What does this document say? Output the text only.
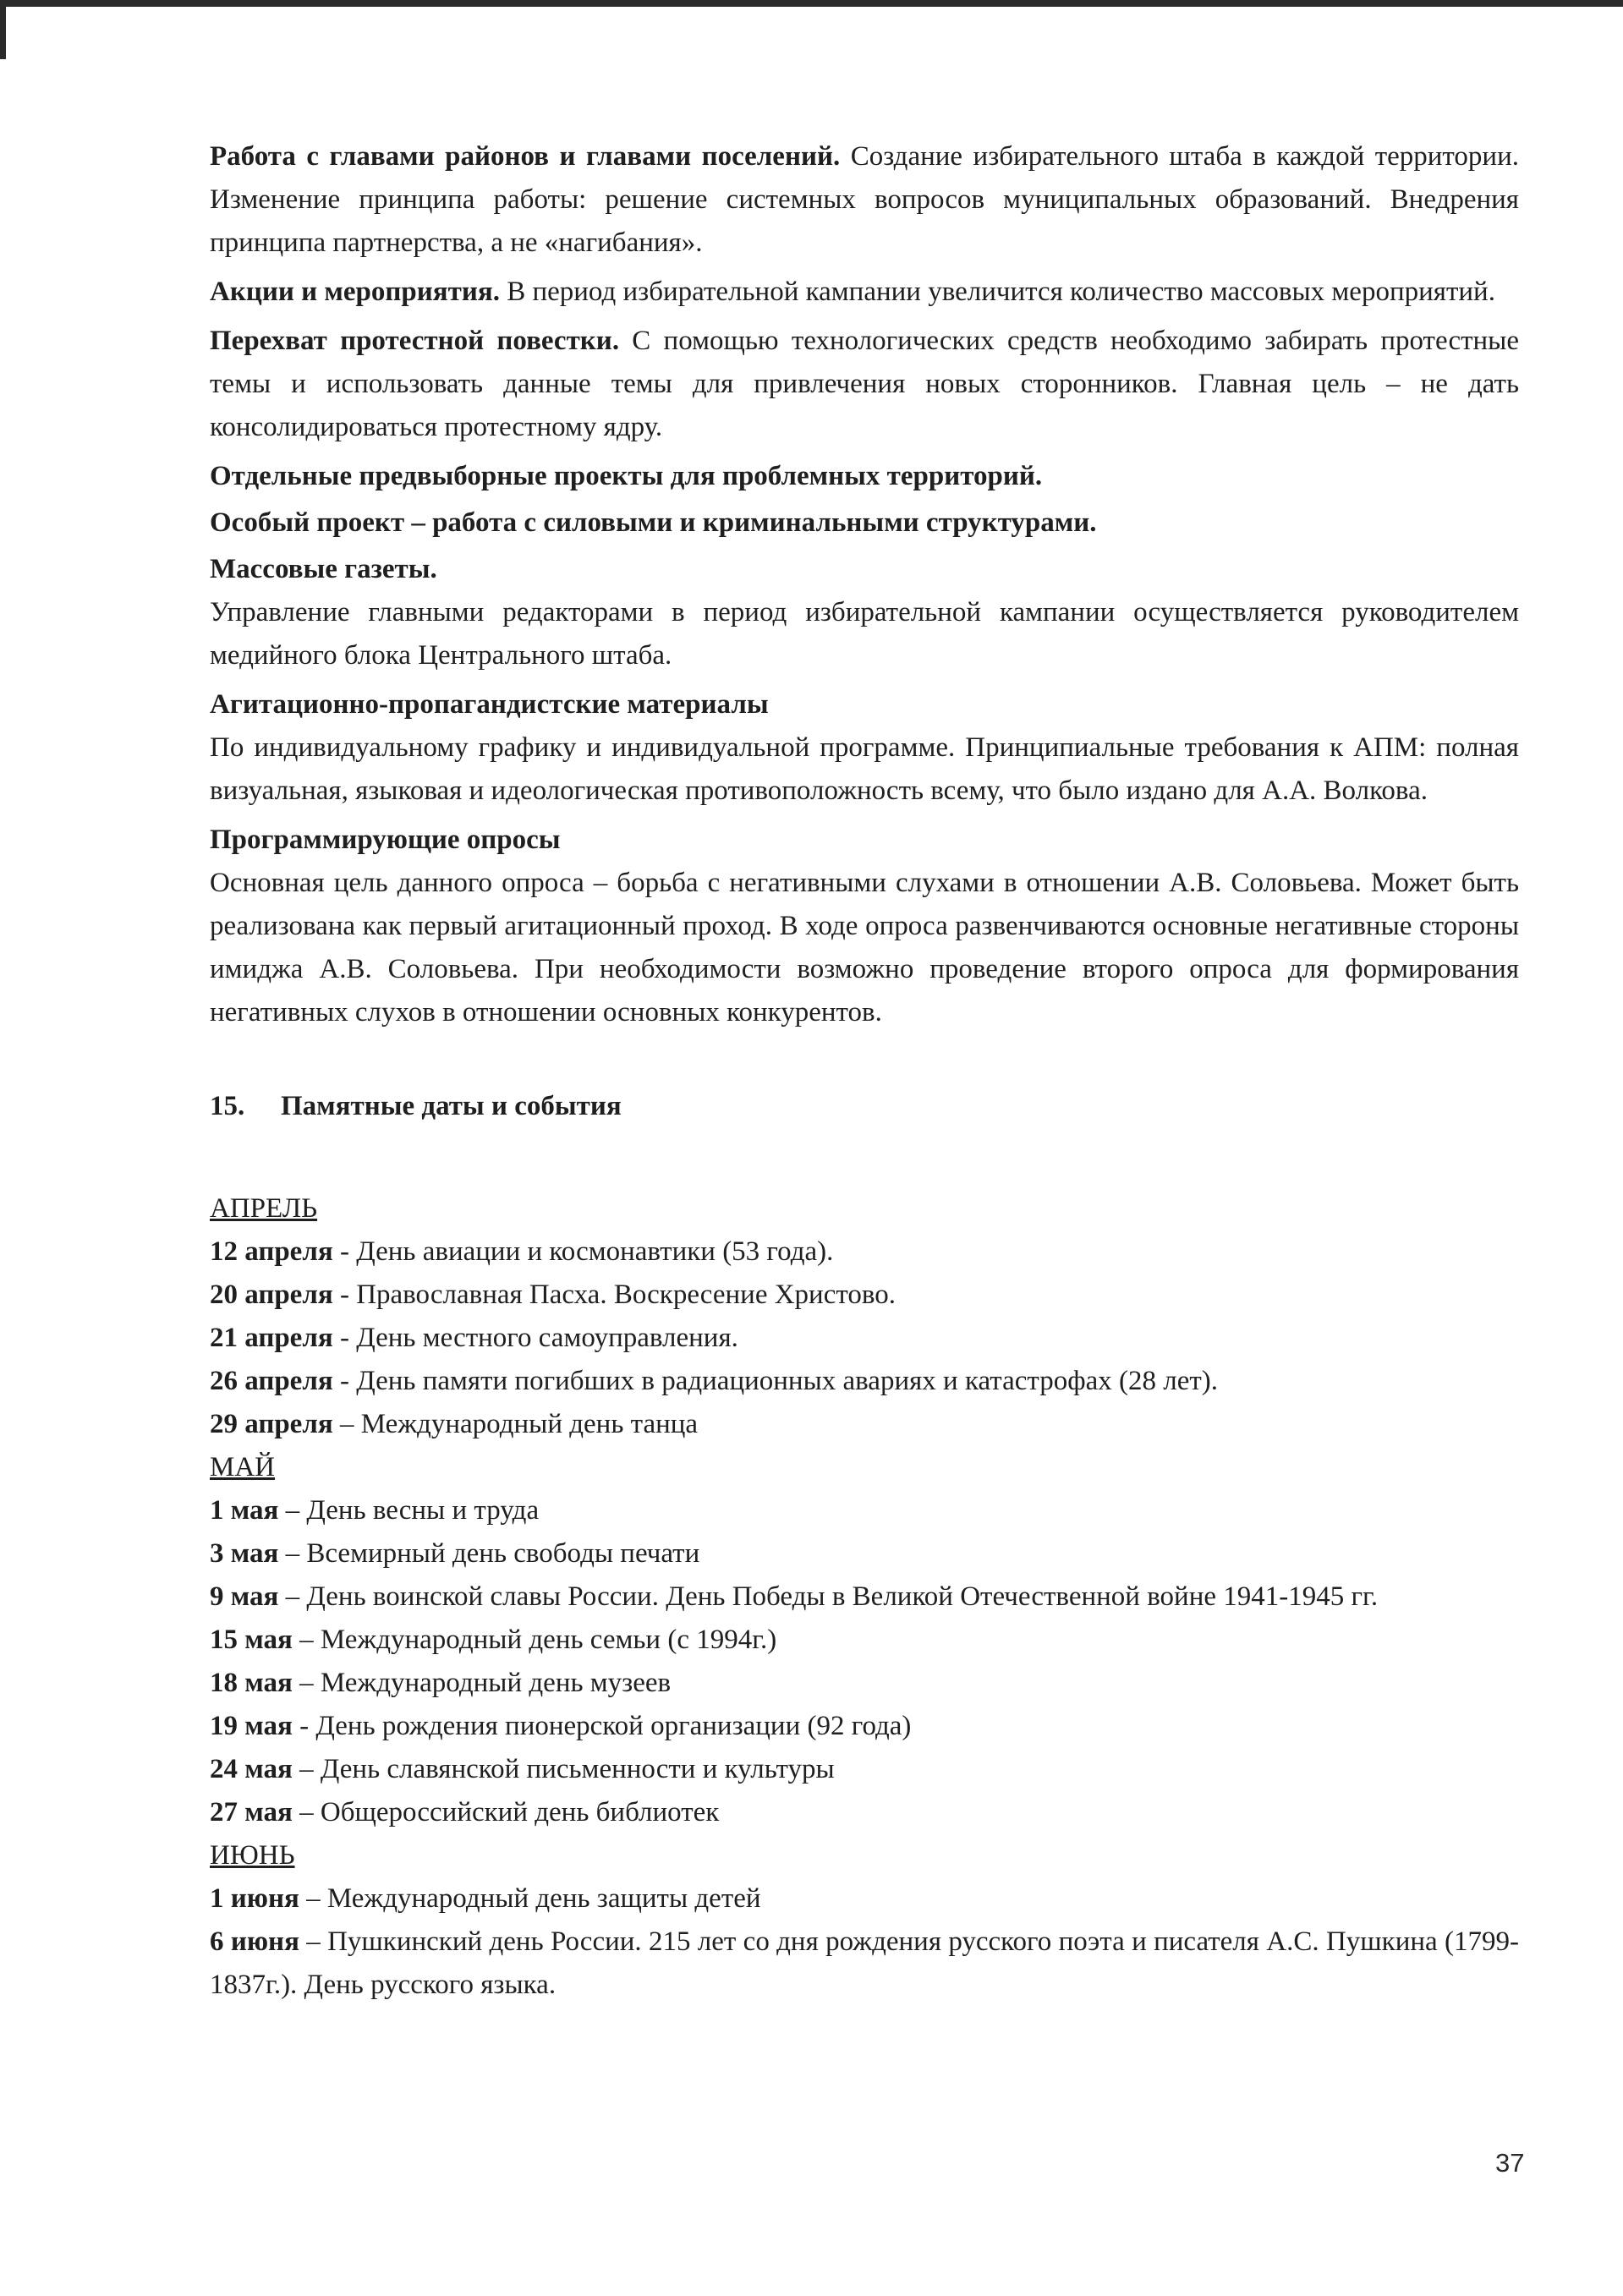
Работа с главами районов и главами поселений. Создание избирательного штаба в каждой территории. Изменение принципа работы: решение системных вопросов муниципальных образований. Внедрения принципа партнерства, а не «нагибания».

Акции и мероприятия. В период избирательной кампании увеличится количество массовых мероприятий.

Перехват протестной повестки. С помощью технологических средств необходимо забирать протестные темы и использовать данные темы для привлечения новых сторонников. Главная цель – не дать консолидироваться протестному ядру.

Отдельные предвыборные проекты для проблемных территорий.

Особый проект – работа с силовыми и криминальными структурами.

Массовые газеты.

Управление главными редакторами в период избирательной кампании осуществляется руководителем медийного блока Центрального штаба.

Агитационно-пропагандистские материалы

По индивидуальному графику и индивидуальной программе. Принципиальные требования к АПМ: полная визуальная, языковая и идеологическая противоположность всему, что было издано для А.А. Волкова.

Программирующие опросы

Основная цель данного опроса – борьба с негативными слухами в отношении А.В. Соловьева. Может быть реализована как первый агитационный проход. В ходе опроса развенчиваются основные негативные стороны имиджа А.В. Соловьева. При необходимости возможно проведение второго опроса для формирования негативных слухов в отношении основных конкурентов.

15. Памятные даты и события

АПРЕЛЬ

12 апреля - День авиации и космонавтики (53 года).

20 апреля - Православная Пасха. Воскресение Христово.

21 апреля - День местного самоуправления.

26 апреля - День памяти погибших в радиационных авариях и катастрофах (28 лет).

29 апреля – Международный день танца

МАЙ

1 мая – День весны и труда

3 мая – Всемирный день свободы печати

9 мая – День воинской славы России. День Победы в Великой Отечественной войне 1941-1945 гг.

15 мая – Международный день семьи (с 1994г.)

18 мая – Международный день музеев

19 мая - День рождения пионерской организации (92 года)

24 мая – День славянской письменности и культуры

27 мая – Общероссийский день библиотек

ИЮНЬ

1 июня – Международный день защиты детей

6 июня – Пушкинский день России. 215 лет со дня рождения русского поэта и писателя А.С. Пушкина (1799-1837г.). День русского языка.

37
